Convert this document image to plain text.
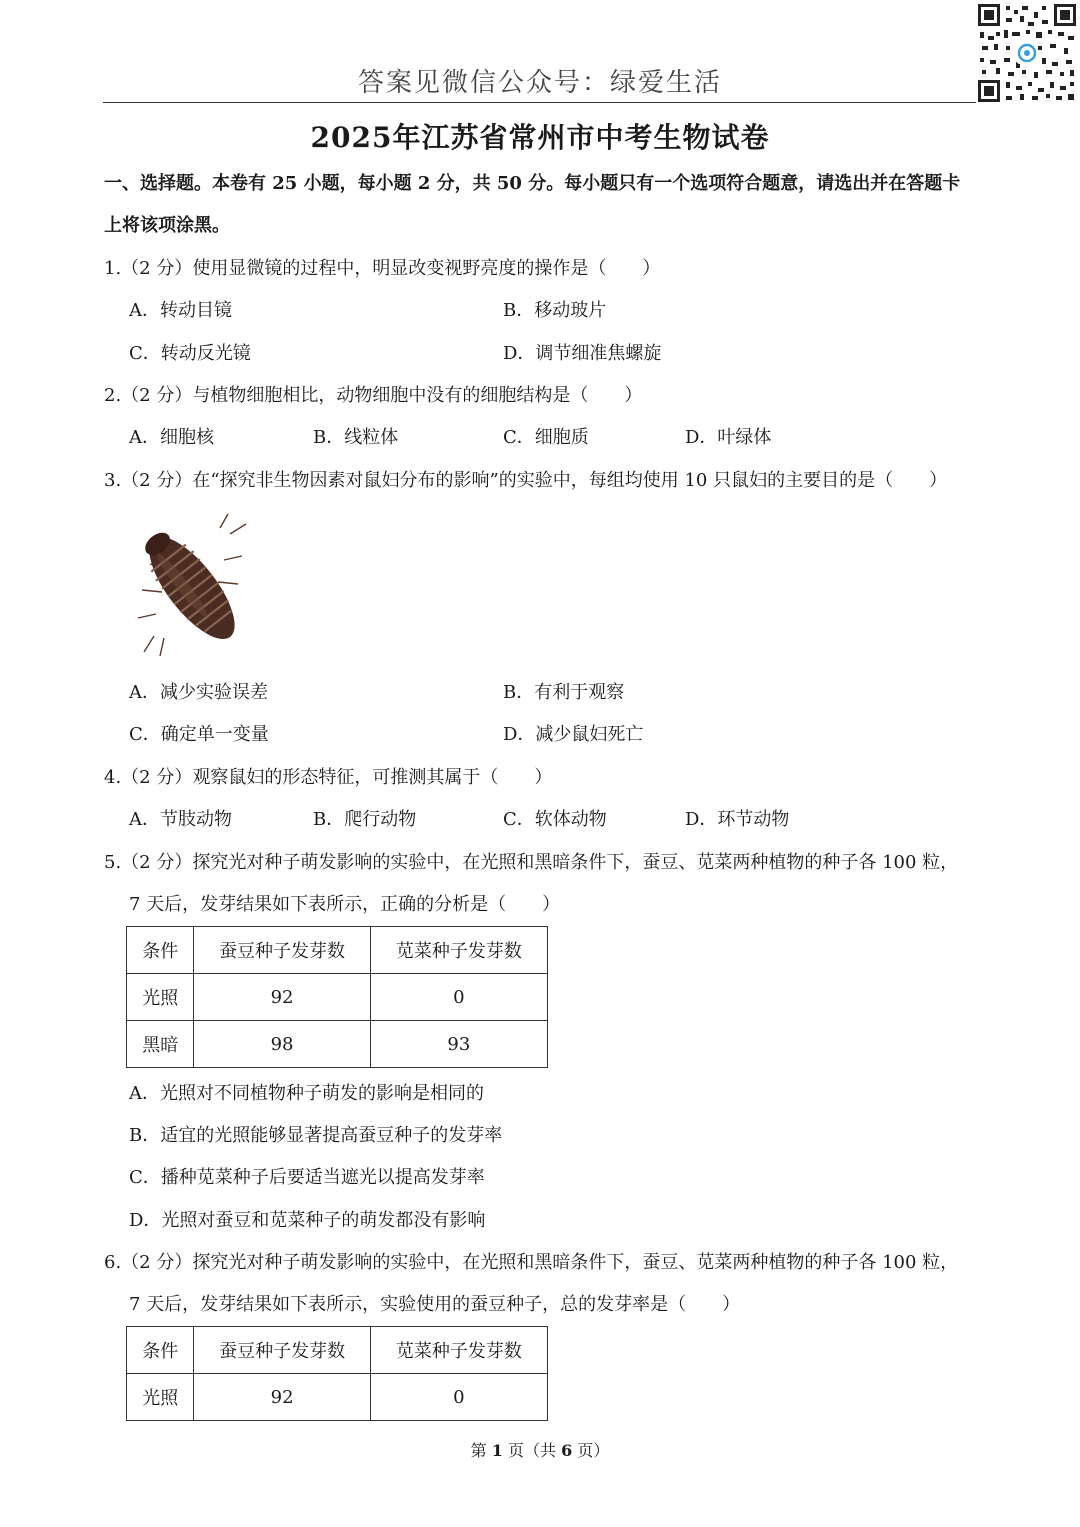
答案见微信公众号：绿爱生活
2025年江苏省常州市中考生物试卷
一、选择题。本卷有 25 小题，每小题 2 分，共 50 分。每小题只有一个选项符合题意，请选出并在答题卡
上将该项涂黑。
1.（2 分）使用显微镜的过程中，明显改变视野亮度的操作是（　　）
A．转动目镜	B．移动玻片
C．转动反光镜	D．调节细准焦螺旋
2.（2 分）与植物细胞相比，动物细胞中没有的细胞结构是（　　）
A．细胞核	B．线粒体	C．细胞质	D．叶绿体
3.（2 分）在“探究非生物因素对鼠妇分布的影响”的实验中，每组均使用 10 只鼠妇的主要目的是（　　）
A．减少实验误差	B．有利于观察
C．确定单一变量	D．减少鼠妇死亡
4.（2 分）观察鼠妇的形态特征，可推测其属于（　　）
A．节肢动物	B．爬行动物	C．软体动物	D．环节动物
5.（2 分）探究光对种子萌发影响的实验中，在光照和黑暗条件下，蚕豆、苋菜两种植物的种子各 100 粒，
7 天后，发芽结果如下表所示，正确的分析是（　　）
条件	蚕豆种子发芽数	苋菜种子发芽数
光照	92	0
黑暗	98	93
A．光照对不同植物种子萌发的影响是相同的
B．适宜的光照能够显著提高蚕豆种子的发芽率
C．播种苋菜种子后要适当遮光以提高发芽率
D．光照对蚕豆和苋菜种子的萌发都没有影响
6.（2 分）探究光对种子萌发影响的实验中，在光照和黑暗条件下，蚕豆、苋菜两种植物的种子各 100 粒，
7 天后，发芽结果如下表所示，实验使用的蚕豆种子，总的发芽率是（　　）
条件	蚕豆种子发芽数	苋菜种子发芽数
光照	92	0
第 1 页（共 6 页）
